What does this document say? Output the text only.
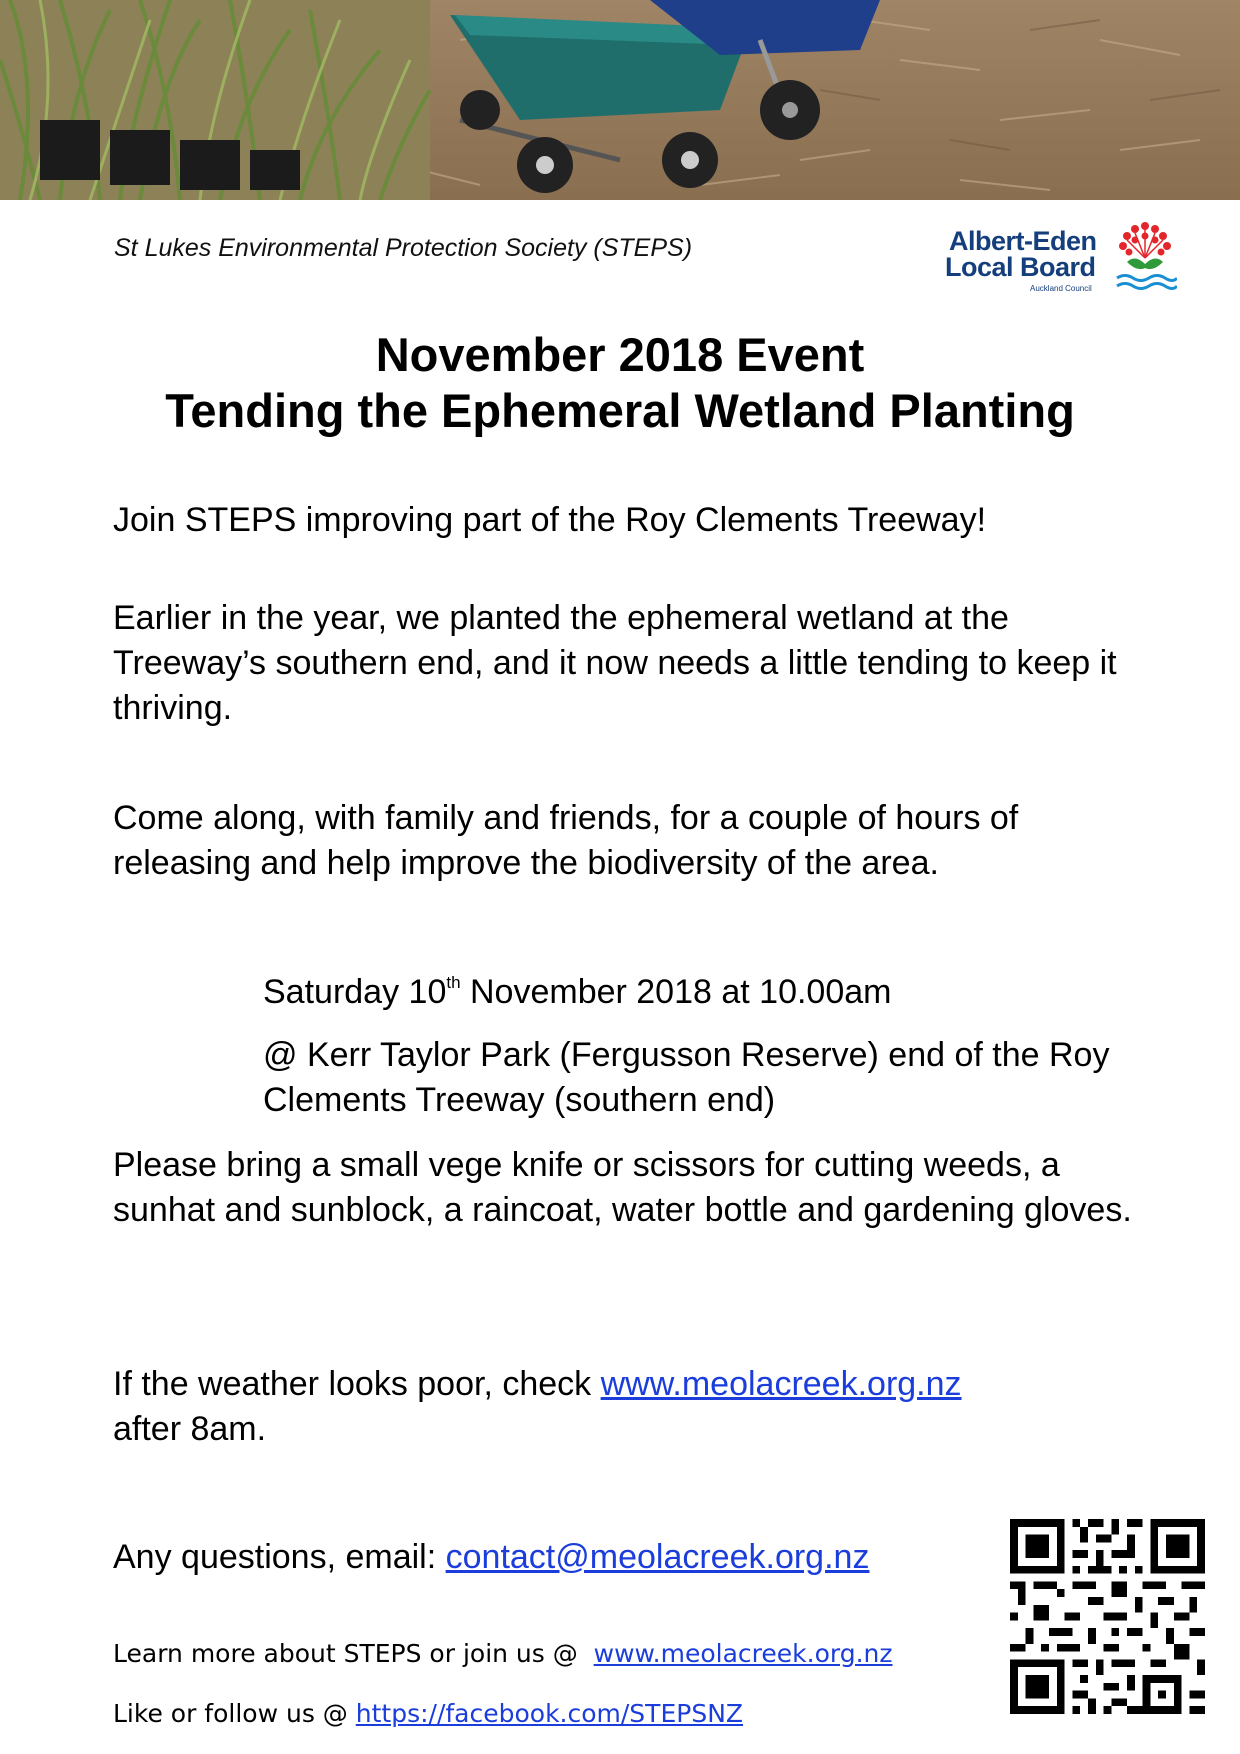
St Lukes Environmental Protection Society (STEPS)	Albert-Eden
Local Board
Auckland Council
November 2018 Event
Tending the Ephemeral Wetland Planting

Join STEPS improving part of the Roy Clements Treeway!

Earlier in the year, we planted the ephemeral wetland at the Treeway’s southern end, and it now needs a little tending to keep it thriving.

Come along, with family and friends, for a couple of hours of releasing and help improve the biodiversity of the area.

Saturday 10th November 2018 at 10.00am

@ Kerr Taylor Park (Fergusson Reserve) end of the Roy Clements Treeway (southern end)

Please bring a small vege knife or scissors for cutting weeds, a sunhat and sunblock, a raincoat, water bottle and gardening gloves.

If the weather looks poor, check www.meolacreek.org.nz
after 8am.

Any questions, email: contact@meolacreek.org.nz

Learn more about STEPS or join us @  www.meolacreek.org.nz
Like or follow us @ https://facebook.com/STEPSNZ
